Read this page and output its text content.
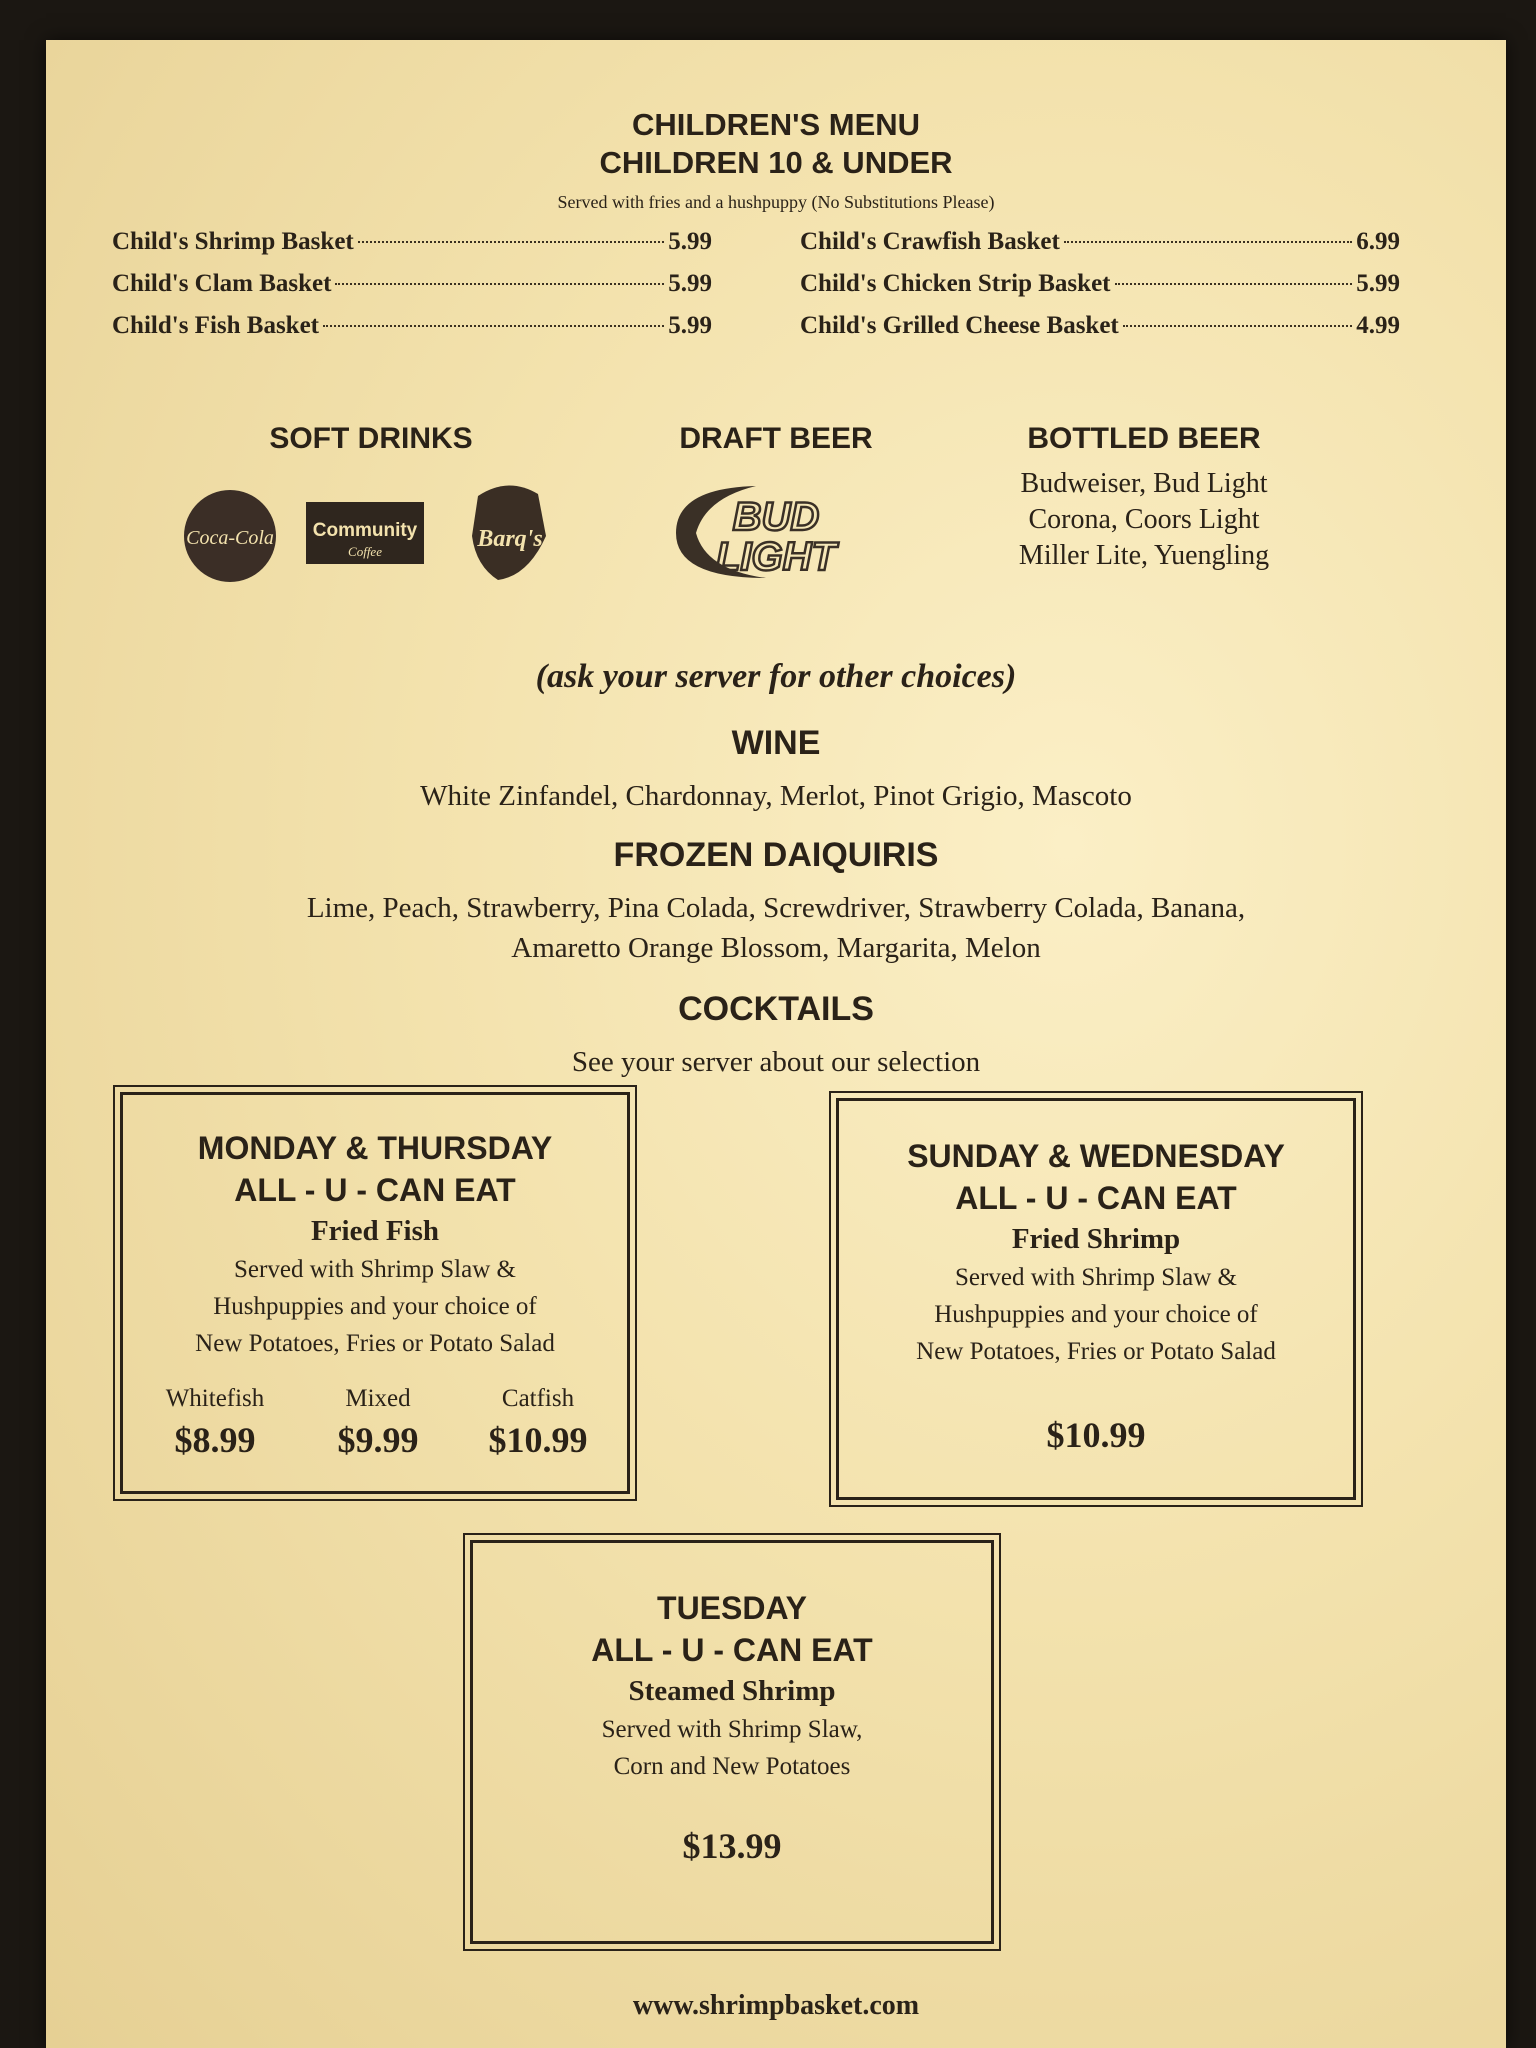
CHILDREN'S MENU
CHILDREN 10 & UNDER
Served with fries and a hushpuppy (No Substitutions Please)
Child's Shrimp Basket	5.99
Child's Clam Basket	5.99
Child's Fish Basket	5.99
Child's Crawfish Basket	6.99
Child's Chicken Strip Basket	5.99
Child's Grilled Cheese Basket	4.99
SOFT DRINKS	DRAFT BEER	BOTTLED BEER
Coca-Cola Community
Coffee	Barq's	BUD
LIGHT
Budweiser, Bud Light
Corona, Coors Light
Miller Lite, Yuengling
(ask your server for other choices)
WINE
White Zinfandel, Chardonnay, Merlot, Pinot Grigio, Mascoto
FROZEN DAIQUIRIS
Lime, Peach, Strawberry, Pina Colada, Screwdriver, Strawberry Colada, Banana,
Amaretto Orange Blossom, Margarita, Melon
COCKTAILS
See your server about our selection
MONDAY & THURSDAY
ALL - U - CAN EAT
Fried Fish
Served with Shrimp Slaw &
Hushpuppies and your choice of
New Potatoes, Fries or Potato Salad
Whitefish
$8.99
Mixed
$9.99
Catfish
$10.99
SUNDAY & WEDNESDAY
ALL - U - CAN EAT
Fried Shrimp
Served with Shrimp Slaw &
Hushpuppies and your choice of
New Potatoes, Fries or Potato Salad
$10.99
TUESDAY
ALL - U - CAN EAT
Steamed Shrimp
Served with Shrimp Slaw,
Corn and New Potatoes
$13.99
www.shrimpbasket.com
